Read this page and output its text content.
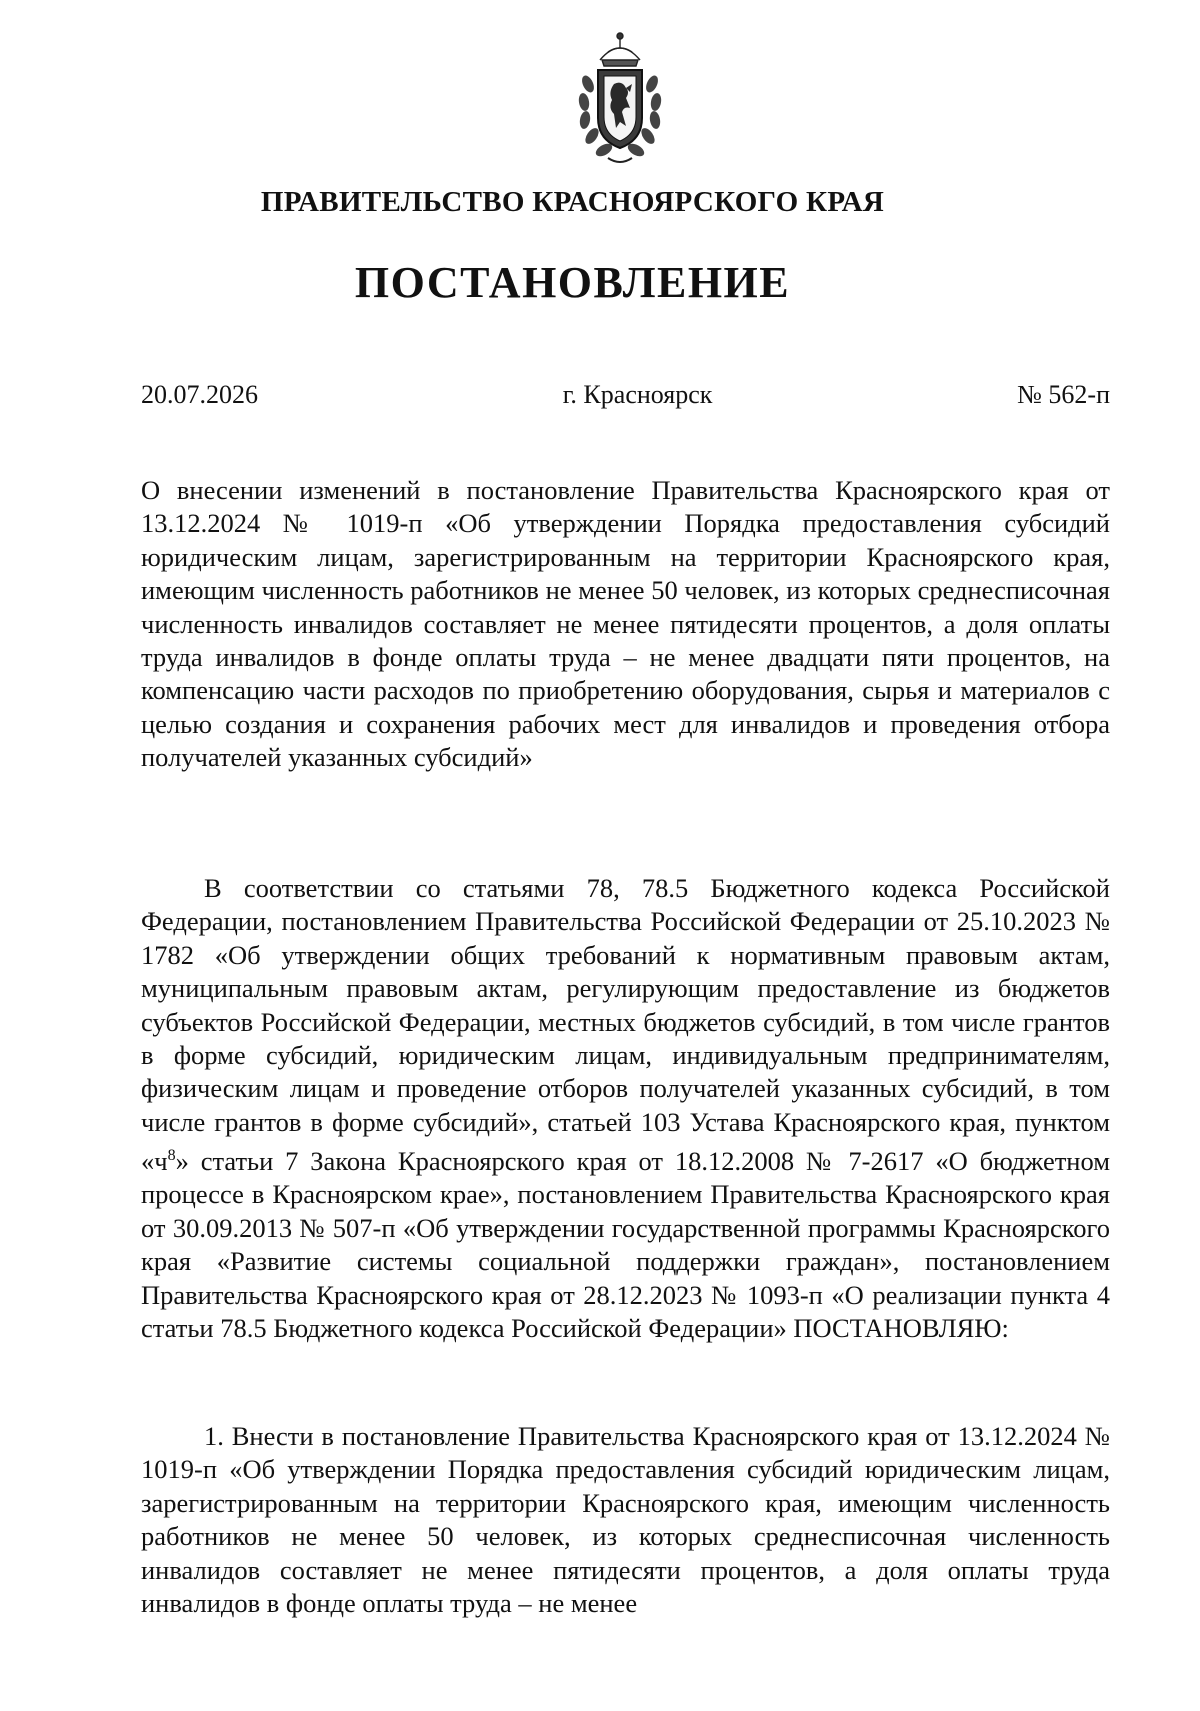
ПРАВИТЕЛЬСТВО КРАСНОЯРСКОГО КРАЯ
ПОСТАНОВЛЕНИЕ
20.07.2026	г. Красноярск	№ 562-п

О внесении изменений в постановление Правительства Красноярского края от 13.12.2024 № 1019-п «Об утверждении Порядка предоставления субсидий юридическим лицам, зарегистрированным на территории Красноярского края, имеющим численность работников не менее 50 человек, из которых среднесписочная численность инвалидов составляет не менее пятидесяти процентов, а доля оплаты труда инвалидов в фонде оплаты труда – не менее двадцати пяти процентов, на компенсацию части расходов по приобретению оборудования, сырья и материалов с целью создания и сохранения рабочих мест для инвалидов и проведения отбора получателей указанных субсидий»

В соответствии со статьями 78, 78.5 Бюджетного кодекса Российской Федерации, постановлением Правительства Российской Федерации от 25.10.2023 № 1782 «Об утверждении общих требований к нормативным правовым актам, муниципальным правовым актам, регулирующим предоставление из бюджетов субъектов Российской Федерации, местных бюджетов субсидий, в том числе грантов в форме субсидий, юридическим лицам, индивидуальным предпринимателям, физическим лицам и проведение отборов получателей указанных субсидий, в том числе грантов в форме субсидий», статьей 103 Устава Красноярского края, пунктом «$ч^8$» статьи 7 Закона Красноярского края от 18.12.2008 № 7-2617 «О бюджетном процессе в Красноярском крае», постановлением Правительства Красноярского края от 30.09.2013 № 507-п «Об утверждении государственной программы Красноярского края «Развитие системы социальной поддержки граждан», постановлением Правительства Красноярского края от 28.12.2023 № 1093-п «О реализации пункта 4 статьи 78.5 Бюджетного кодекса Российской Федерации» ПОСТАНОВЛЯЮ:

1. Внести в постановление Правительства Красноярского края от 13.12.2024 № 1019-п «Об утверждении Порядка предоставления субсидий юридическим лицам, зарегистрированным на территории Красноярского края, имеющим численность работников не менее 50 человек, из которых среднесписочная численность инвалидов составляет не менее пятидесяти процентов, а доля оплаты труда инвалидов в фонде оплаты труда – не менее
